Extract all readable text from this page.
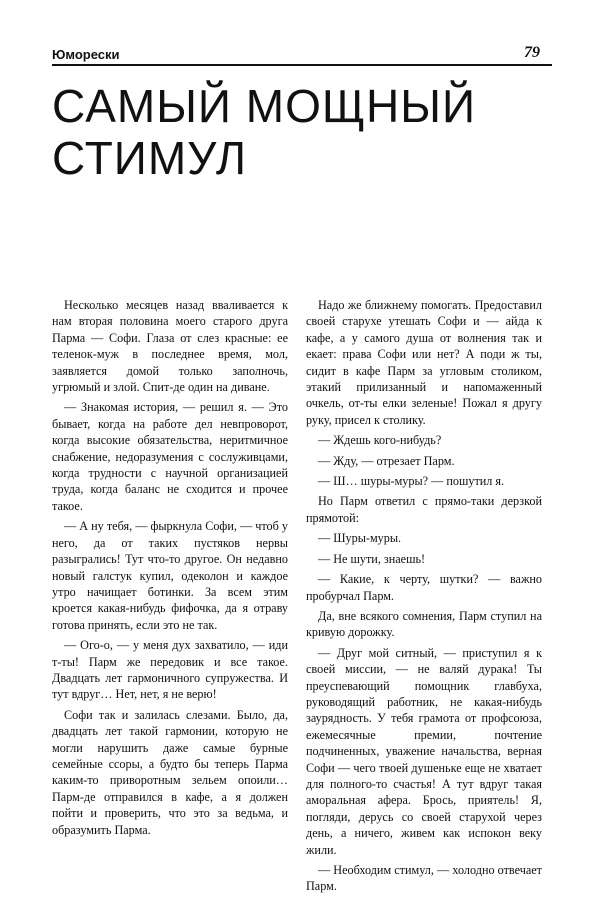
Юморески	79
САМЫЙ МОЩНЫЙ СТИМУЛ

Несколько месяцев назад вваливается к нам вторая половина моего старого друга Парма — Софи. Глаза от слез красные: ее теленок-муж в последнее время, мол, заявляется домой только заполночь, угрюмый и злой. Спит-де один на диване.

— Знакомая история, — решил я. — Это бывает, когда на работе дел невпроворот, когда высокие обязательства, неритмичное снабжение, недоразумения с сослуживцами, когда трудности с научной организацией труда, когда баланс не сходится и прочее такое.

— А ну тебя, — фыркнула Софи, — чтоб у него, да от таких пустяков нервы разыгрались! Тут что-то другое. Он недавно новый галстук купил, одеколон и каждое утро начищает ботинки. За всем этим кроется какая-нибудь фифочка, да я отраву готова принять, если это не так.

— Ого-о, — у меня дух захватило, — иди т-ты! Парм же передовик и все такое. Двадцать лет гармоничного супружества. И тут вдруг… Нет, нет, я не верю!

Софи так и залилась слезами. Было, да, двадцать лет такой гармонии, которую не могли нарушить даже самые бурные семейные ссоры, а будто бы теперь Парма каким-то приворотным зельем опоили… Парм-де отправился в кафе, а я должен пойти и проверить, что это за ведьма, и образумить Парма.

Надо же ближнему помогать. Предоставил своей старухе утешать Софи и — айда к кафе, а у самого душа от волнения так и екает: права Софи или нет? А поди ж ты, сидит в кафе Парм за угловым столиком, этакий прилизанный и напомаженный очкель, от-ты елки зеленые! Пожал я другу руку, присел к столику.

— Ждешь кого-нибудь?

— Жду, — отрезает Парм.

— Ш… шуры-муры? — пошутил я.

Но Парм ответил с прямо-таки дерзкой прямотой:

— Шуры-муры.

— Не шути, знаешь!

— Какие, к черту, шутки? — важно пробурчал Парм.

Да, вне всякого сомнения, Парм ступил на кривую дорожку.

— Друг мой ситный, — приступил я к своей миссии, — не валяй дурака! Ты преуспевающий помощник главбуха, руководящий работник, не какая-нибудь заурядность. У тебя грамота от профсоюза, ежемесячные премии, почтение подчиненных, уважение начальства, верная Софи — чего твоей душеньке еще не хватает для полного-то счастья! А тут вдруг такая аморальная афера. Брось, приятель! Я, погляди, дерусь со своей старухой через день, а ничего, живем как испокон веку жили.

— Необходим стимул, — холодно отвечает Парм.
